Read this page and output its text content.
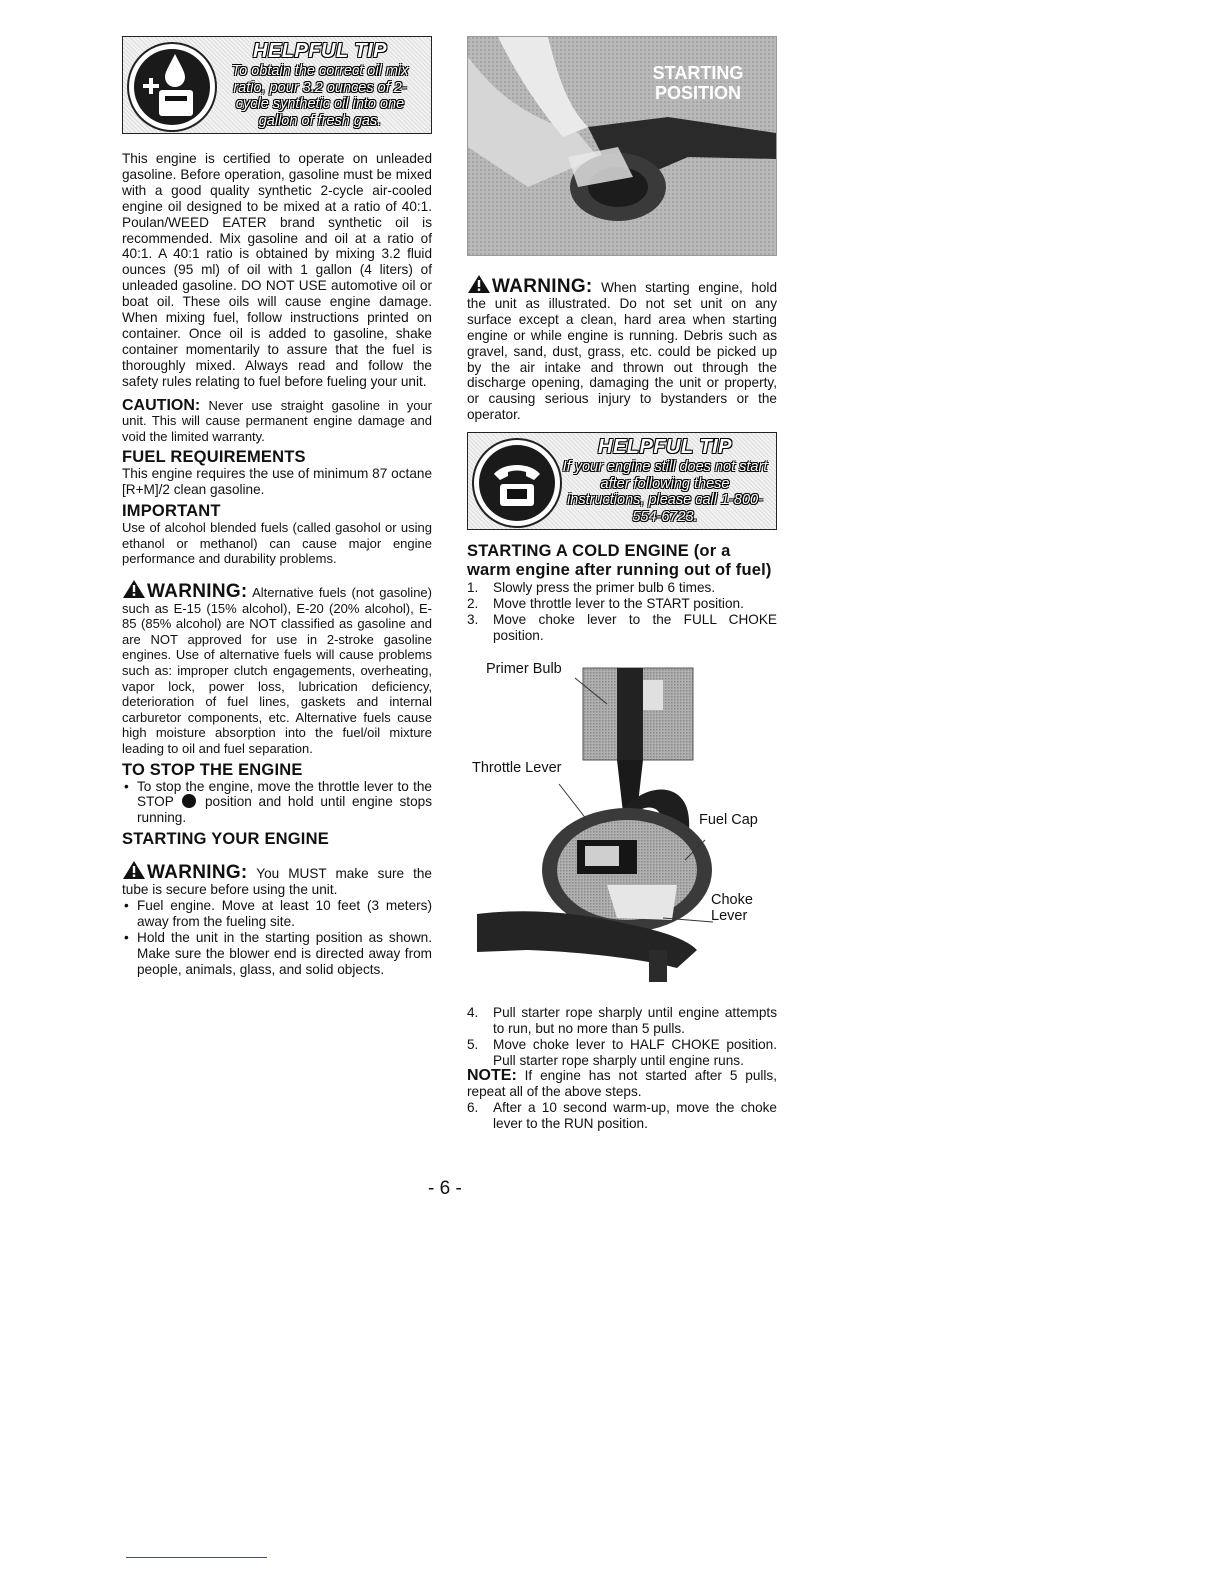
HELPFUL TIP
To obtain the correct oil mix ratio, pour 3.2 ounces of 2-cycle synthetic oil into one gallon of fresh gas.

This engine is certified to operate on unleaded gasoline. Before operation, gasoline must be mixed with a good quality synthetic 2-cycle air-cooled engine oil designed to be mixed at a ratio of 40:1. Poulan/WEED EATER brand synthetic oil is recommended. Mix gasoline and oil at a ratio of 40:1. A 40:1 ratio is obtained by mixing 3.2 fluid ounces (95 ml) of oil with 1 gallon (4 liters) of unleaded gasoline. DO NOT USE automotive oil or boat oil. These oils will cause engine damage. When mixing fuel, follow instructions printed on container. Once oil is added to gasoline, shake container momentarily to assure that the fuel is thoroughly mixed. Always read and follow the safety rules relating to fuel before fueling your unit.

CAUTION: Never use straight gasoline in your unit. This will cause permanent engine damage and void the limited warranty.

FUEL REQUIREMENTS

This engine requires the use of minimum 87 octane [R+M]/2 clean gasoline.

IMPORTANT

Use of alcohol blended fuels (called gasohol or using ethanol or methanol) can cause major engine performance and durability problems.

WARNING: Alternative fuels (not gasoline) such as E-15 (15% alcohol), E-20 (20% alcohol), E-85 (85% alcohol) are NOT classified as gasoline and are NOT approved for use in 2-stroke gasoline engines. Use of alternative fuels will cause problems such as: improper clutch engagements, overheating, vapor lock, power loss, lubrication deficiency, deterioration of fuel lines, gaskets and internal carburetor components, etc. Alternative fuels cause high moisture absorption into the fuel/oil mixture leading to oil and fuel separation.

TO STOP THE ENGINE
• To stop the engine, move the throttle lever to the STOP position and hold until engine stops running.
STARTING YOUR ENGINE

WARNING: You MUST make sure the tube is secure before using the unit.

• Fuel engine. Move at least 10 feet (3 meters) away from the fueling site.
• Hold the unit in the starting position as shown. Make sure the blower end is directed away from people, animals, glass, and solid objects.
STARTING
POSITION

WARNING: When starting engine, hold the unit as illustrated. Do not set unit on any surface except a clean, hard area when starting engine or while engine is running. Debris such as gravel, sand, dust, grass, etc. could be picked up by the air intake and thrown out through the discharge opening, damaging the unit or property, or causing serious injury to bystanders or the operator.

HELPFUL TIP
If your engine still does not start after following these instructions, please call 1-800-554-6723.
STARTING A COLD ENGINE (or a warm engine after running out of fuel)
1. Slowly press the primer bulb 6 times.
2. Move throttle lever to the START position.
3. Move choke lever to the FULL CHOKE position.
Primer Bulb
Throttle Lever
Fuel Cap
Choke
Lever
4. Pull starter rope sharply until engine attempts to run, but no more than 5 pulls.
5. Move choke lever to HALF CHOKE position. Pull starter rope sharply until engine runs.

NOTE: If engine has not started after 5 pulls, repeat all of the above steps.

6. After a 10 second warm-up, move the choke lever to the RUN position.
- 6 -
